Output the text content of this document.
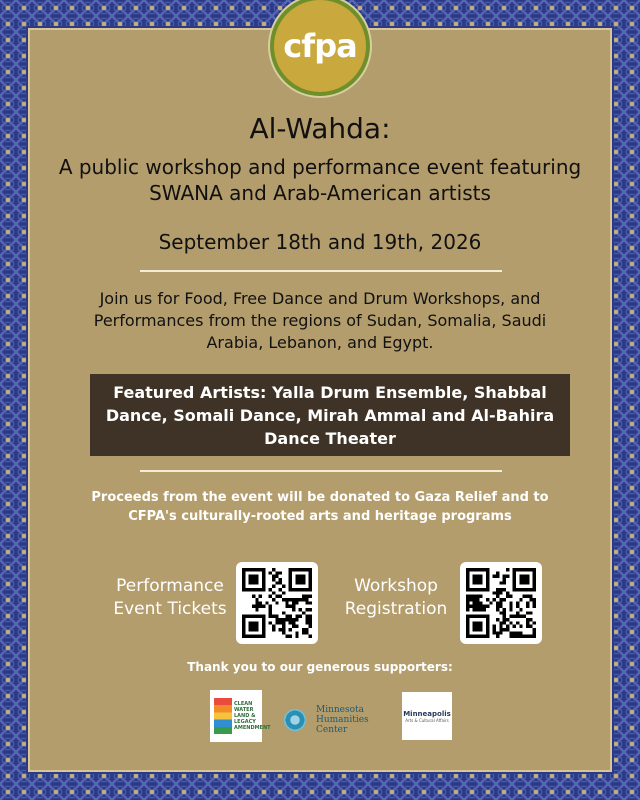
cfpa
Al-Wahda:
A public workshop and performance event featuring SWANA and Arab-American artists
September 18th and 19th, 2026
Join us for Food, Free Dance and Drum Workshops, and Performances from the regions of Sudan, Somalia, Saudi Arabia, Lebanon, and Egypt.
Featured Artists: Yalla Drum Ensemble, Shabbal Dance, Somali Dance, Mirah Ammal and Al-Bahira Dance Theater
Proceeds from the event will be donated to Gaza Relief and to CFPA's culturally-rooted arts and heritage programs
Performance Event Tickets
Workshop Registration
Thank you to our generous supporters:
CLEAN WATER LAND & LEGACY AMENDMENT
Minnesota
Humanities
Center
Minneapolis
Arts & Cultural Affairs
